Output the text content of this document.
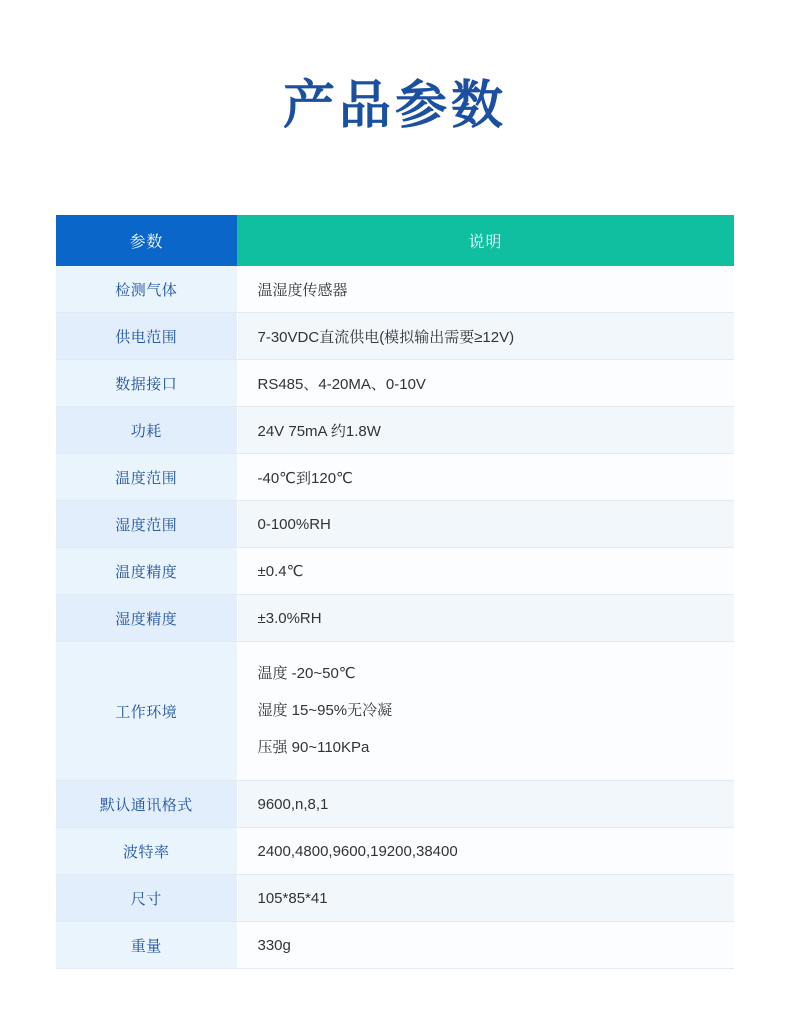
产品参数
参数	说明
检测气体	温湿度传感器
供电范围	7-30VDC直流供电(模拟输出需要≥12V)
数据接口	RS485、4-20MA、0-10V
功耗	24V 75mA 约1.8W
温度范围	-40℃到120℃
湿度范围	0-100%RH
温度精度	±0.4℃
湿度精度	±3.0%RH
工作环境	温度 -20~50℃
湿度 15~95%无冷凝
压强 90~110KPa

默认通讯格式	9600,n,8,1
波特率	2400,4800,9600,19200,38400
尺寸	105*85*41
重量	330g
